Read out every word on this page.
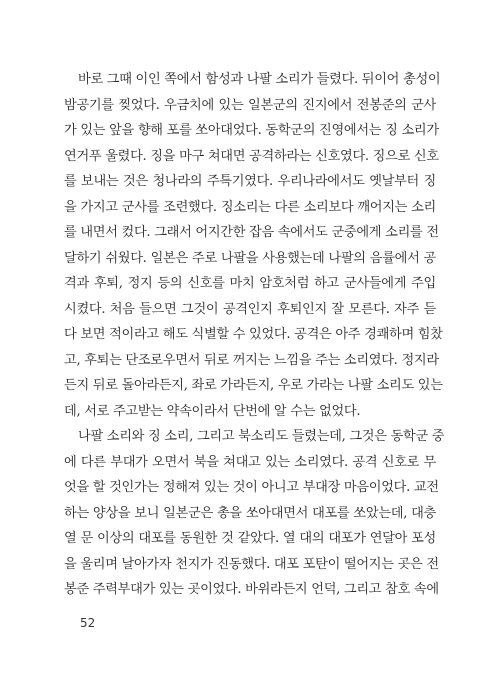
바로 그때 이인 쪽에서 함성과 나팔 소리가 들렸다. 뒤이어 총성이
밤공기를 찢었다. 우금치에 있는 일본군의 진지에서 전봉준의 군사
가 있는 앞을 향해 포를 쏘아대었다. 동학군의 진영에서는 징 소리가
연거푸 울렸다. 징을 마구 쳐대면 공격하라는 신호였다. 징으로 신호
를 보내는 것은 청나라의 주특기였다. 우리나라에서도 옛날부터 징
을 가지고 군사를 조련했다. 징소리는 다른 소리보다 깨어지는 소리
를 내면서 컸다. 그래서 어지간한 잡음 속에서도 군중에게 소리를 전
달하기 쉬웠다. 일본은 주로 나팔을 사용했는데 나팔의 음률에서 공
격과 후퇴, 정지 등의 신호를 마치 암호처럼 하고 군사들에게 주입
시켰다. 처음 들으면 그것이 공격인지 후퇴인지 잘 모른다. 자주 듣
다 보면 적이라고 해도 식별할 수 있었다. 공격은 아주 경쾌하며 힘찼
고, 후퇴는 단조로우면서 뒤로 꺼지는 느낌을 주는 소리였다. 정지라
든지 뒤로 돌아라든지, 좌로 가라든지, 우로 가라는 나팔 소리도 있는
데, 서로 주고받는 약속이라서 단번에 알 수는 없었다.
나팔 소리와 징 소리, 그리고 북소리도 들렸는데, 그것은 동학군 중
에 다른 부대가 오면서 북을 쳐대고 있는 소리였다. 공격 신호로 무
엇을 할 것인가는 정해져 있는 것이 아니고 부대장 마음이었다. 교전
하는 양상을 보니 일본군은 총을 쏘아대면서 대포를 쏘았는데, 대충
열 문 이상의 대포를 동원한 것 같았다. 열 대의 대포가 연달아 포성
을 울리며 날아가자 천지가 진동했다. 대포 포탄이 떨어지는 곳은 전
봉준 주력부대가 있는 곳이었다. 바위라든지 언덕, 그리고 참호 속에
52
